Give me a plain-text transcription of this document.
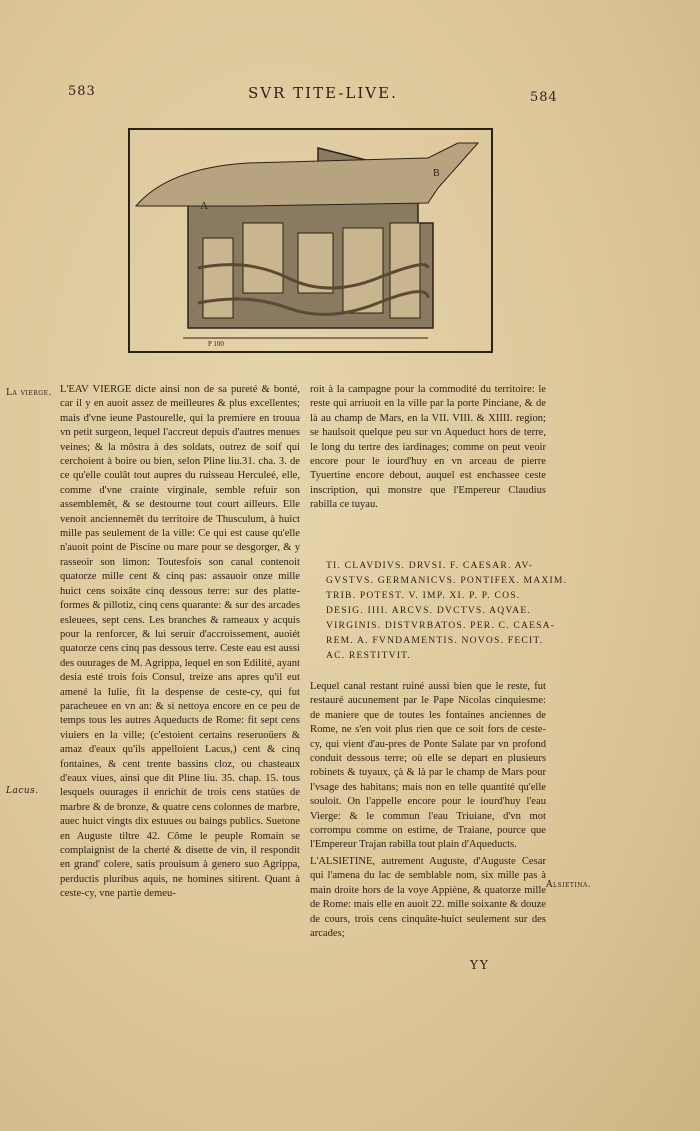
583	SVR TITE-LIVE.	584
A
B
P 100
La vierge.
Lacus.
Alsietina.

L'EAV VIERGE dicte ainsi non de sa pureté & bonté, car il y en auoit assez de meilleures & plus excellentes; mais d'vne ieune Pastourelle, qui la premiere en trouua vn petit surgeon, lequel l'accreut depuis d'autres menues veines; & la môstra à des soldats, outrez de soif qui cerchoient à boire ou bien, selon Pline liu.31. cha. 3. de ce qu'elle coulât tout aupres du ruisseau Herculeé, elle, comme d'vne crainte virginale, semble refuir son assemblemêt, & se destourne tout court ailleurs. Elle venoit anciennemêt du territoire de Thusculum, à huict mille pas seulement de la ville: Ce qui est cause qu'elle n'auoit point de Piscine ou mare pour se desgorger, & y rasseoir son limon: Toutesfois son canal contenoit quatorze mille cent & cinq pas: assauoir onze mille huict cens soixâte cinq dessous terre: sur des platte-formes & pillotiz, cinq cens quarante: & sur des arcades esleuees, sept cens. Les branches & rameaux y acquis pour la renforcer, & lui seruir d'accroissement, auoiét quatorze cens cinq pas dessous terre. Ceste eau est aussi des ouurages de M. Agrippa, lequel en son Edilité, ayant desia esté trois fois Consul, treize ans apres qu'il eut amené la Iulie, fit la despense de ceste-cy, qui fut paracheuee en vn an: & si nettoya encore en ce peu de temps tous les autres Aqueducts de Rome: fit sept cens viuiers en la ville; (c'estoient certains reseruoüers & amaz d'eaux qu'ils appelloient Lacus,) cent & cinq fontaines, & cent trente bassins cloz, ou chasteaux d'eaux viues, ainsi que dit Pline liu. 35. chap. 15. tous lesquels ouurages il enrichit de trois cens statües de marbre & de bronze, & quatre cens colonnes de marbre, auec huict vingts dix estuues ou baings publics. Suetone en Auguste tiltre 42. Côme le peuple Romain se complaignist de la cherté & disette de vin, il respondit en grand' colere, satis prouisum à genero suo Agrippa, perductis pluribus aquis, ne homines sitirent. Quant à ceste-cy, vne partie demeu-

roit à la campagne pour la commodité du territoire: le reste qui arriuoit en la ville par la porte Pinciane, & de là au champ de Mars, en la VII. VIII. & XIIII. region; se haulsoit quelque peu sur vn Aqueduct hors de terre, le long du tertre des iardinages; comme on peut veoir encore pour le iourd'huy en vn arceau de pierre Tyuertine encore debout, auquel est enchassee ceste inscription, qui monstre que l'Empereur Claudius rabilla ce tuyau.

TI. CLAVDIVS. DRVSI. F. CAESAR. AV-
GVSTVS. GERMANICVS. PONTIFEX. MAXIM.
TRIB. POTEST. V. IMP. XI. P. P. COS.
DESIG. IIII. ARCVS. DVCTVS. AQVAE.
VIRGINIS. DISTVRBATOS. PER. C. CAESA-
REM. A. FVNDAMENTIS. NOVOS. FECIT.
AC. RESTITVIT.

Lequel canal restant ruiné aussi bien que le reste, fut restauré aucunement par le Pape Nicolas cinquiesme: de maniere que de toutes les fontaines anciennes de Rome, ne s'en voit plus rien que ce soit fors de ceste-cy, qui vient d'au-pres de Ponte Salate par vn profond conduit dessous terre; où elle se depart en plusieurs robinets & tuyaux, çà & là par le champ de Mars pour l'vsage des habitans; mais non en telle quantité qu'elle souloit. On l'appelle encore pour le iourd'huy l'eau Vierge: & le commun l'eau Triuiane, d'vn mot corrompu comme on estime, de Traiane, pource que l'Empereur Trajan rabilla tout plain d'Aqueducts.

L'ALSIETINE, autrement Auguste, d'Auguste Cesar qui l'amena du lac de semblable nom, six mille pas à main droite hors de la voye Appiène, & quatorze mille de Rome: mais elle en auoit 22. mille soixante & douze de cours, trois cens cinquâte-huict seulement sur des arcades;

YY
